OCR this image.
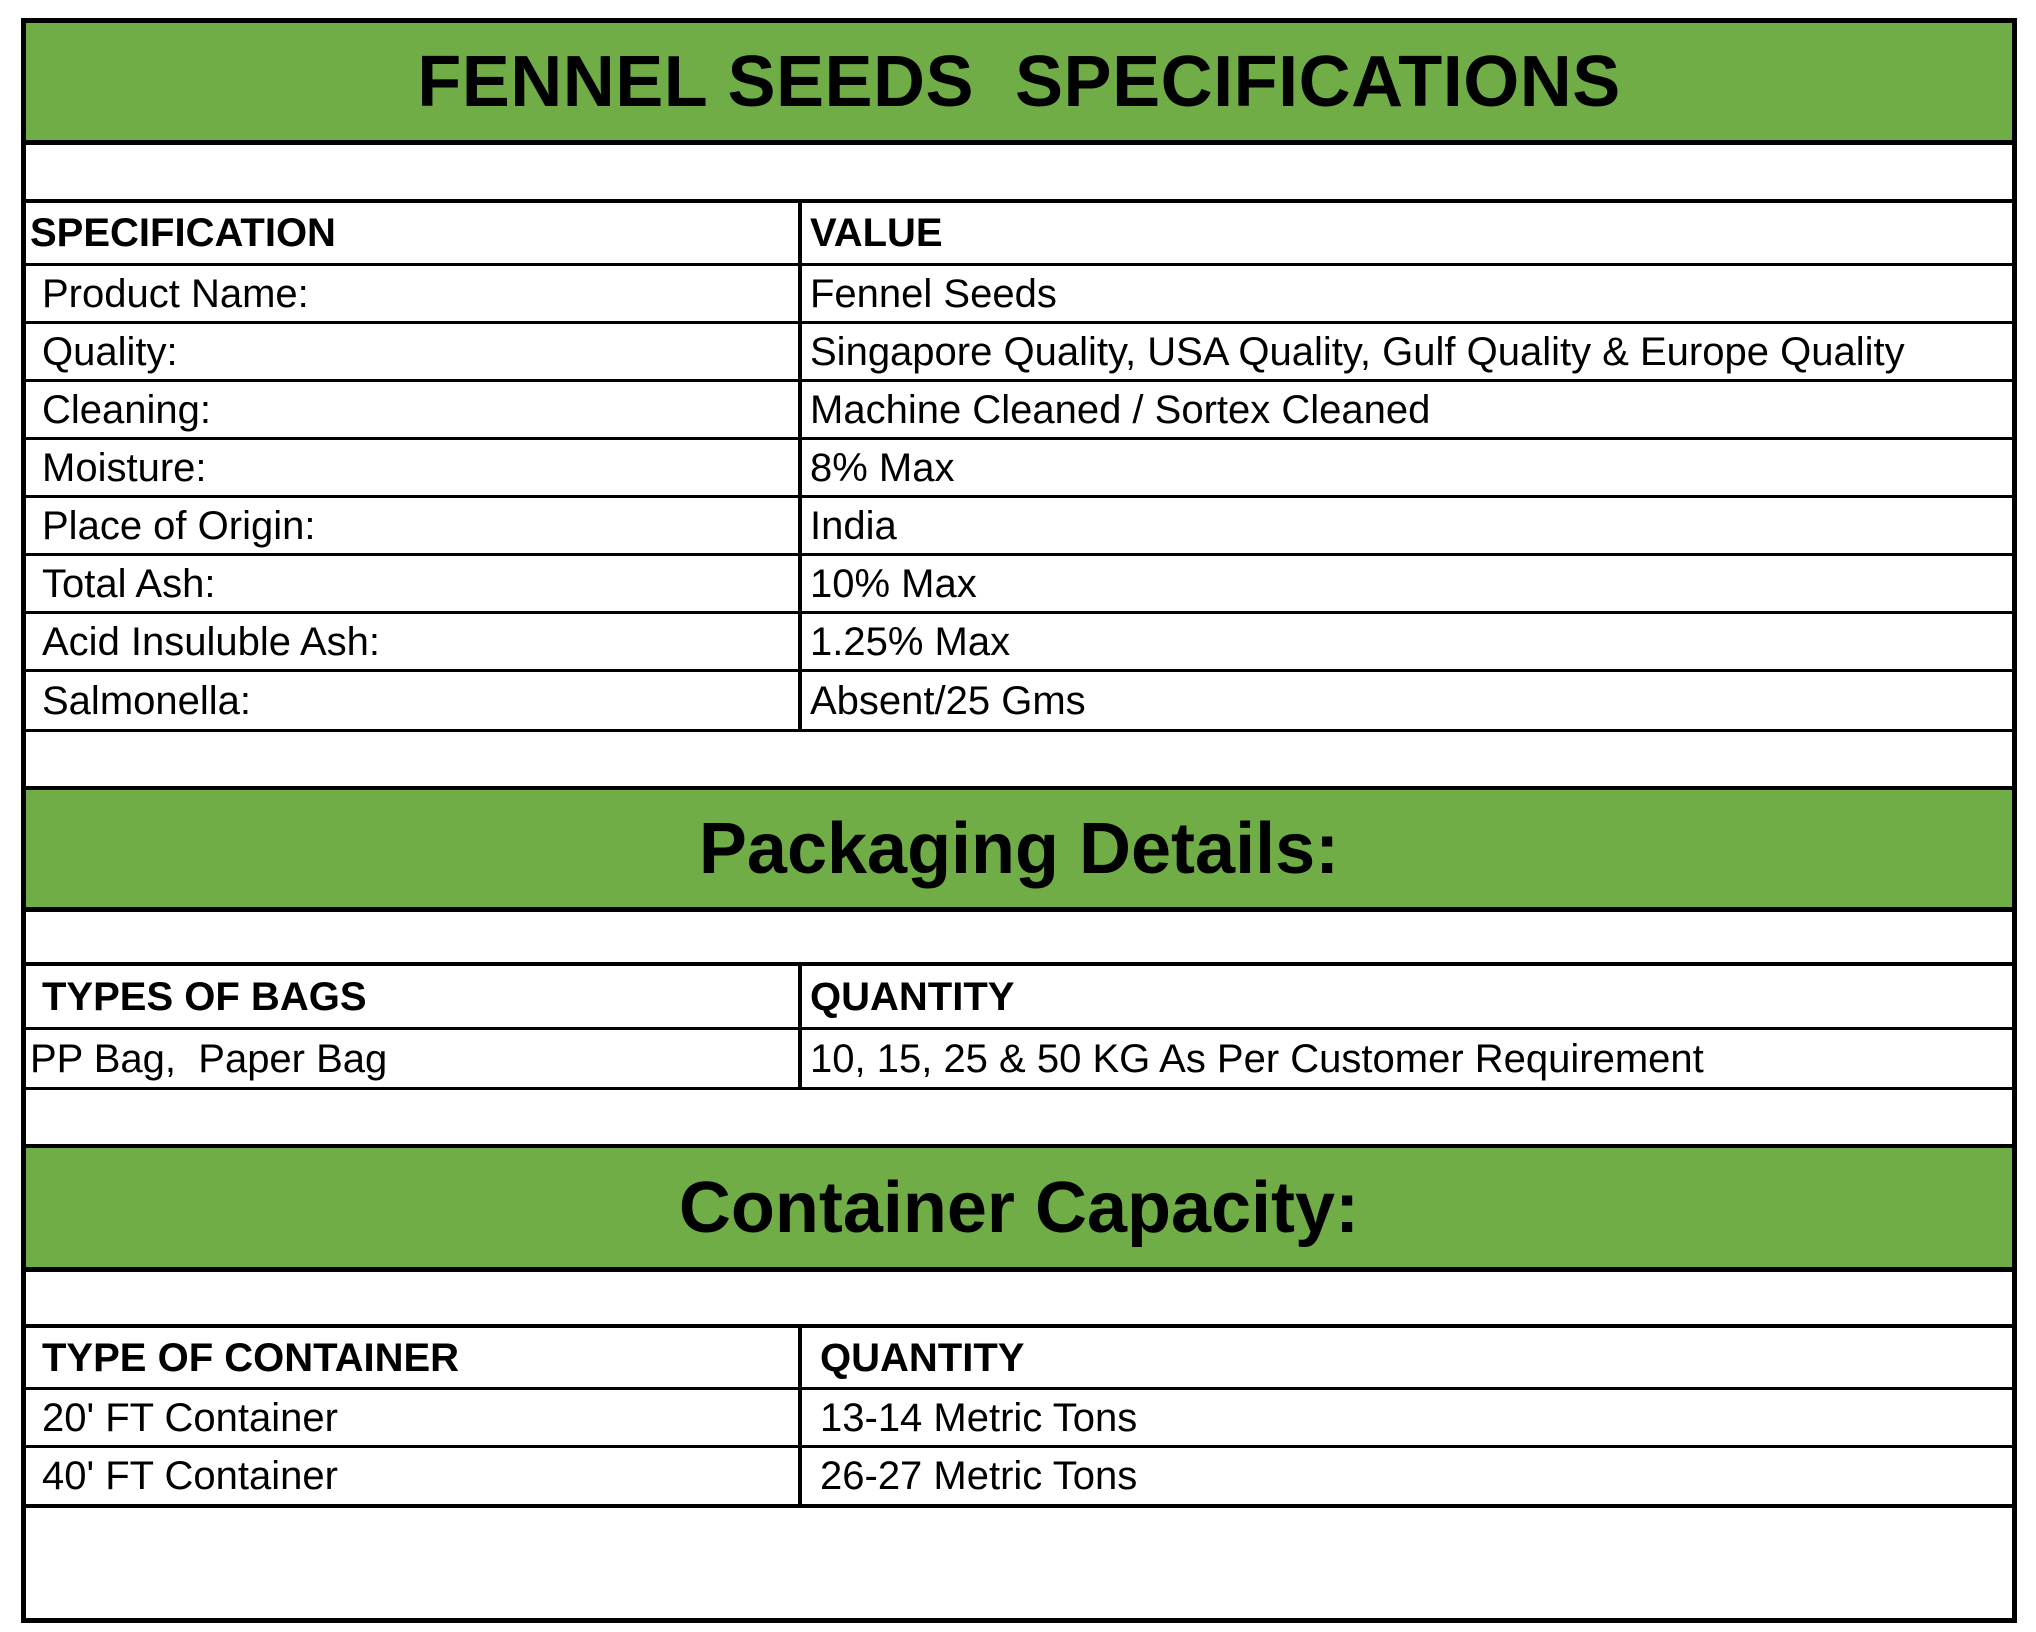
FENNEL SEEDS  SPECIFICATIONS
SPECIFICATION	VALUE
Product Name:	Fennel Seeds
Quality:	Singapore Quality, USA Quality, Gulf Quality & Europe Quality
Cleaning:	Machine Cleaned / Sortex Cleaned
Moisture:	8% Max
Place of Origin:	India
Total Ash:	10% Max
Acid Insuluble Ash:	1.25% Max
Salmonella:	Absent/25 Gms
Packaging Details:
TYPES OF BAGS	QUANTITY
PP Bag,  Paper Bag	10, 15, 25 & 50 KG As Per Customer Requirement
Container Capacity:
TYPE OF CONTAINER	QUANTITY
20' FT Container	13-14 Metric Tons
40' FT Container	26-27 Metric Tons
